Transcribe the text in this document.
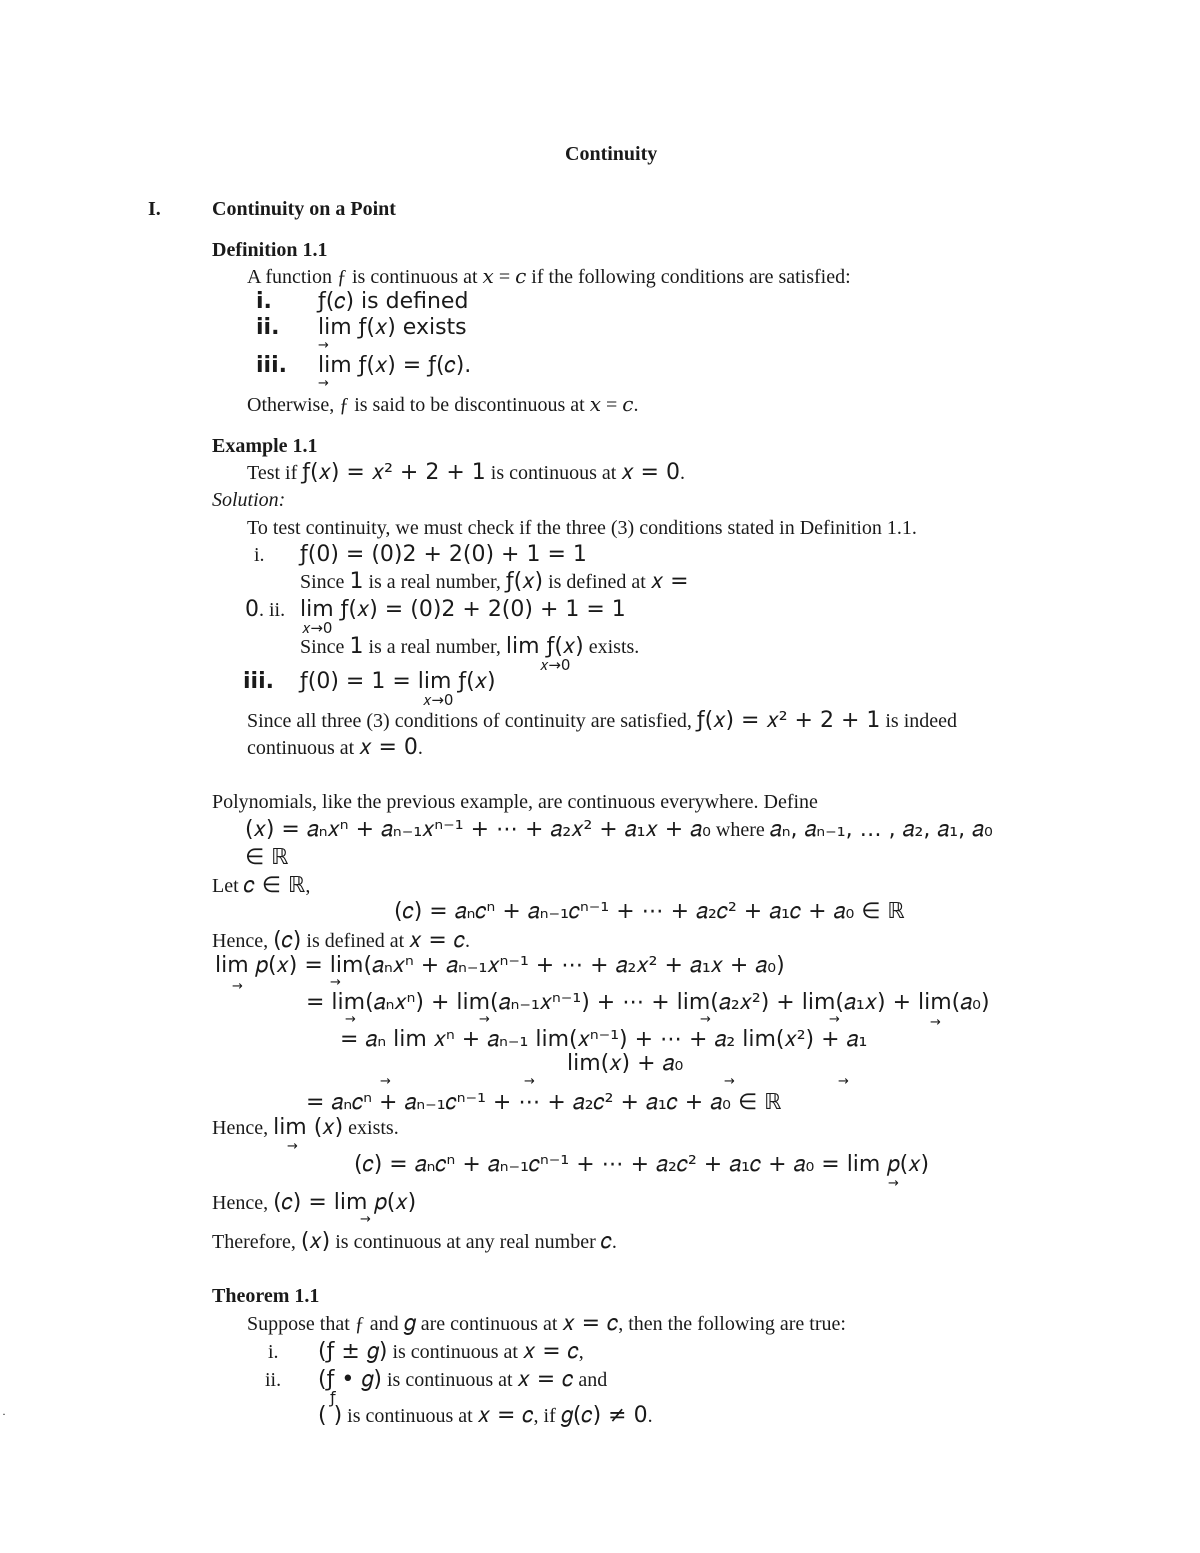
Continuity
I.	Continuity on a Point
Definition 1.1
A function ƒ is continuous at 𝑥 = 𝑐 if the following conditions are satisfied:
i. ƒ(𝑐) is defined
ii. lim ƒ(𝑥) exists
→
iii. lim ƒ(𝑥) = ƒ(𝑐).
→
Otherwise, ƒ is said to be discontinuous at 𝑥 = 𝑐.
Example 1.1
Test if ƒ(𝑥) = 𝑥² + 2 + 1 is continuous at 𝑥 = 0.
Solution:
To test continuity, we must check if the three (3) conditions stated in Definition 1.1.
i. ƒ(0) = (0)2 + 2(0) + 1 = 1
Since 1 is a real number, ƒ(𝑥) is defined at 𝑥 =
0 . ii. lim ƒ(𝑥) = (0)2 + 2(0) + 1 = 1
𝑥→0
Since 1 is a real number, lim ƒ(𝑥) exists.
𝑥→0
iii. ƒ(0) = 1 = lim ƒ(𝑥)
𝑥→0
Since all three (3) conditions of continuity are satisfied, ƒ(𝑥) = 𝑥² + 2 + 1 is indeed
continuous at 𝑥 = 0.
Polynomials, like the previous example, are continuous everywhere. Define
(𝑥) = 𝑎ₙ𝑥ⁿ + 𝑎ₙ₋₁𝑥ⁿ⁻¹ + ⋯ + 𝑎₂𝑥² + 𝑎₁𝑥 + 𝑎₀ where 𝑎ₙ, 𝑎ₙ₋₁, … , 𝑎₂, 𝑎₁, 𝑎₀
∈ ℝ
Let 𝑐 ∈ ℝ,
(𝑐) = 𝑎ₙ𝑐ⁿ + 𝑎ₙ₋₁𝑐ⁿ⁻¹ + ⋯ + 𝑎₂𝑐² + 𝑎₁𝑐 + 𝑎₀ ∈ ℝ
Hence, (𝑐) is defined at 𝑥 = 𝑐.
lim 𝑝(𝑥) = lim(𝑎ₙ𝑥ⁿ + 𝑎ₙ₋₁𝑥ⁿ⁻¹ + ⋯ + 𝑎₂𝑥² + 𝑎₁𝑥 + 𝑎₀)
→	→
= lim(𝑎ₙ𝑥ⁿ) + lim(𝑎ₙ₋₁𝑥ⁿ⁻¹) + ⋯ + lim(𝑎₂𝑥²) + lim(𝑎₁𝑥) + lim(𝑎₀)
→	→	→	→	→
= 𝑎ₙ lim 𝑥ⁿ + 𝑎ₙ₋₁ lim(𝑥ⁿ⁻¹) + ⋯ + 𝑎₂ lim(𝑥²) + 𝑎₁
lim(𝑥) + 𝑎₀
→	→	→	→
= 𝑎ₙ𝑐ⁿ + 𝑎ₙ₋₁𝑐ⁿ⁻¹ + ⋯ + 𝑎₂𝑐² + 𝑎₁𝑐 + 𝑎₀ ∈ ℝ
Hence, lim (𝑥) exists.
→
(𝑐) = 𝑎ₙ𝑐ⁿ + 𝑎ₙ₋₁𝑐ⁿ⁻¹ + ⋯ + 𝑎₂𝑐² + 𝑎₁𝑐 + 𝑎₀ = lim 𝑝(𝑥)
→
Hence, (𝑐) = lim 𝑝(𝑥)
→
Therefore, (𝑥) is continuous at any real number 𝑐.
Theorem 1.1
Suppose that ƒ and 𝑔 are continuous at 𝑥 = 𝑐, then the following are true:
i. (ƒ ± 𝑔) is continuous at 𝑥 = 𝑐,
ii. (ƒ • 𝑔) is continuous at 𝑥 = 𝑐 and
ƒ
( ) is continuous at 𝑥 = 𝑐, if 𝑔(𝑐) ≠ 0.
·
